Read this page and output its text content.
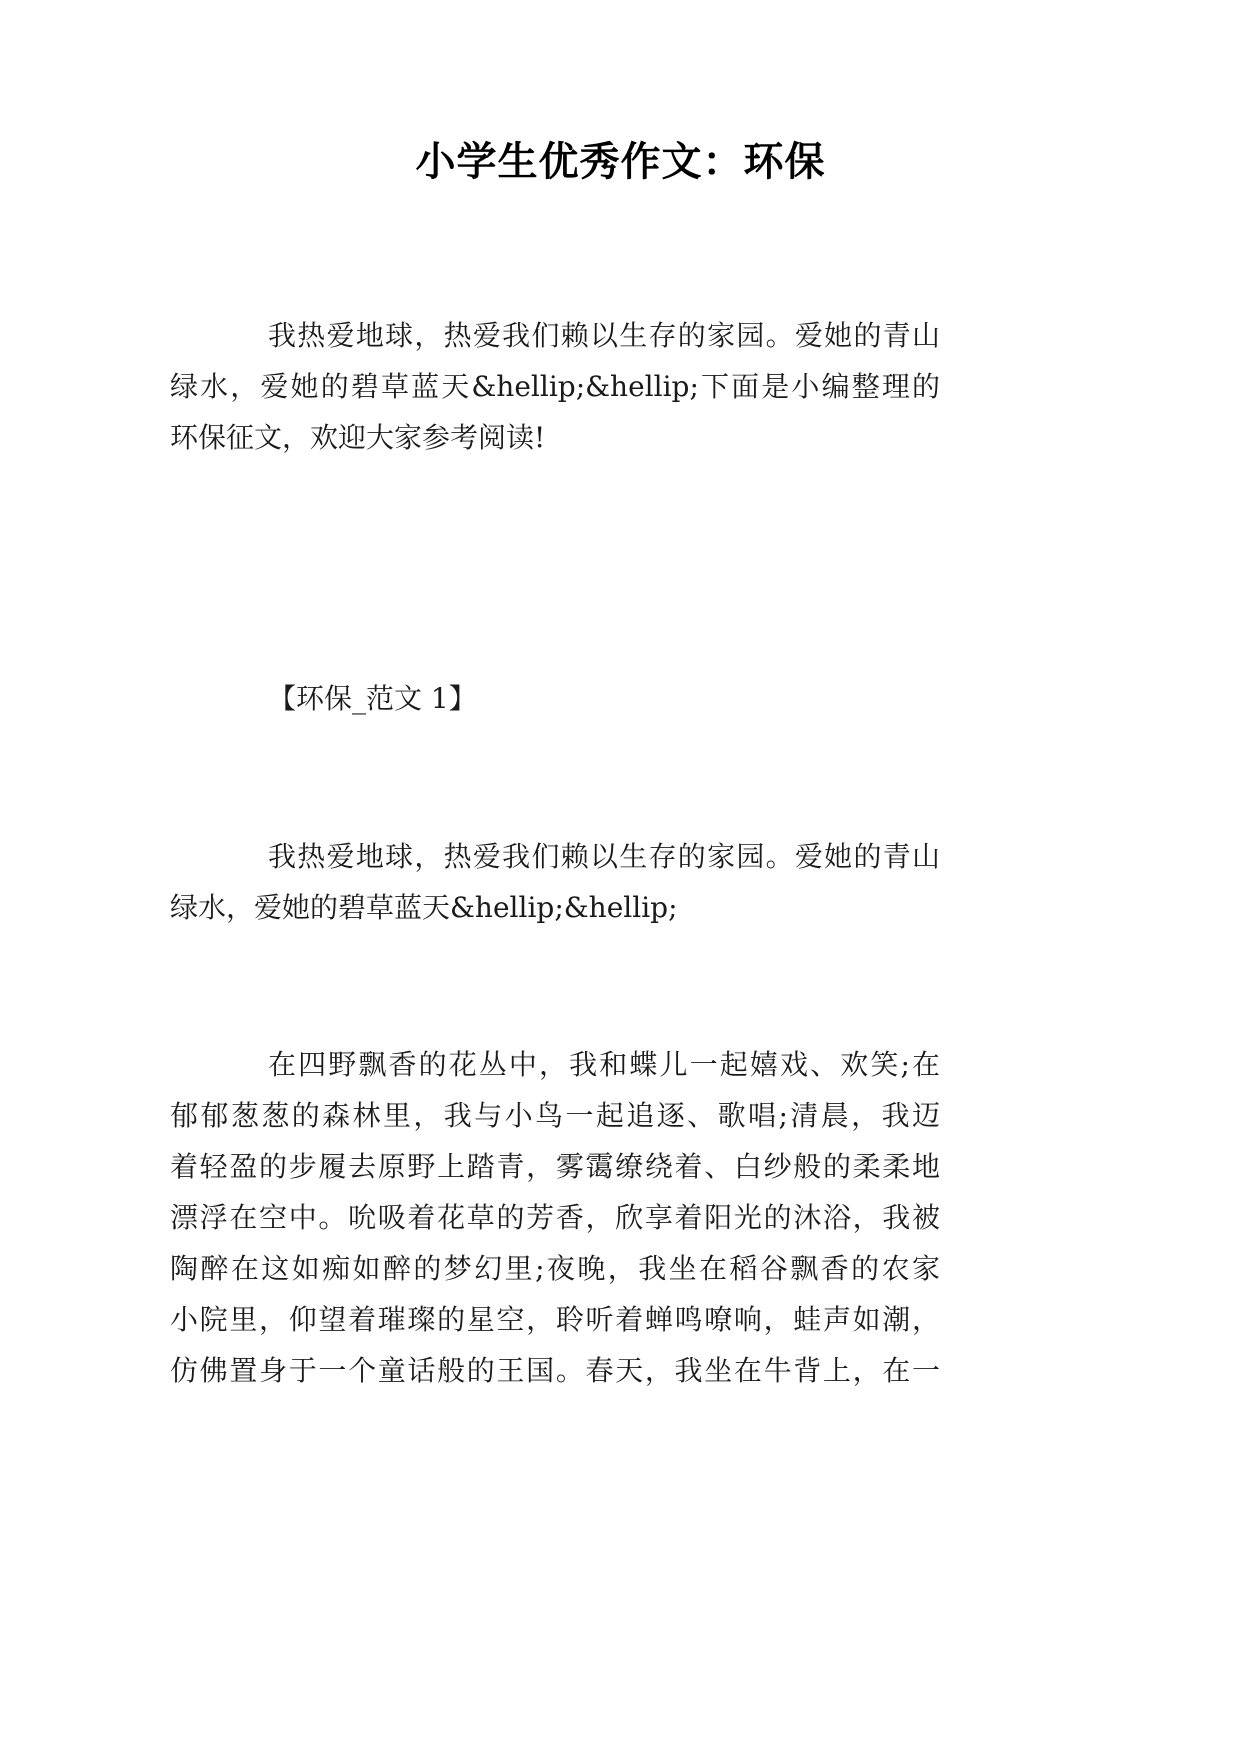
小学生优秀作文：环保
我热爱地球，热爱我们赖以生存的家园。爱她的青山
绿水，爱她的碧草蓝天&hellip;&hellip;下面是小编整理的
环保征文，欢迎大家参考阅读!
【环保_范文 1】
我热爱地球，热爱我们赖以生存的家园。爱她的青山
绿水，爱她的碧草蓝天&hellip;&hellip;
在四野飘香的花丛中，我和蝶儿一起嬉戏、欢笑;在
郁郁葱葱的森林里，我与小鸟一起追逐、歌唱;清晨，我迈
着轻盈的步履去原野上踏青，雾霭缭绕着、白纱般的柔柔地
漂浮在空中。吮吸着花草的芳香，欣享着阳光的沐浴，我被
陶醉在这如痴如醉的梦幻里;夜晚，我坐在稻谷飘香的农家
小院里，仰望着璀璨的星空，聆听着蝉鸣嘹响，蛙声如潮，
仿佛置身于一个童话般的王国。春天，我坐在牛背上，在一
